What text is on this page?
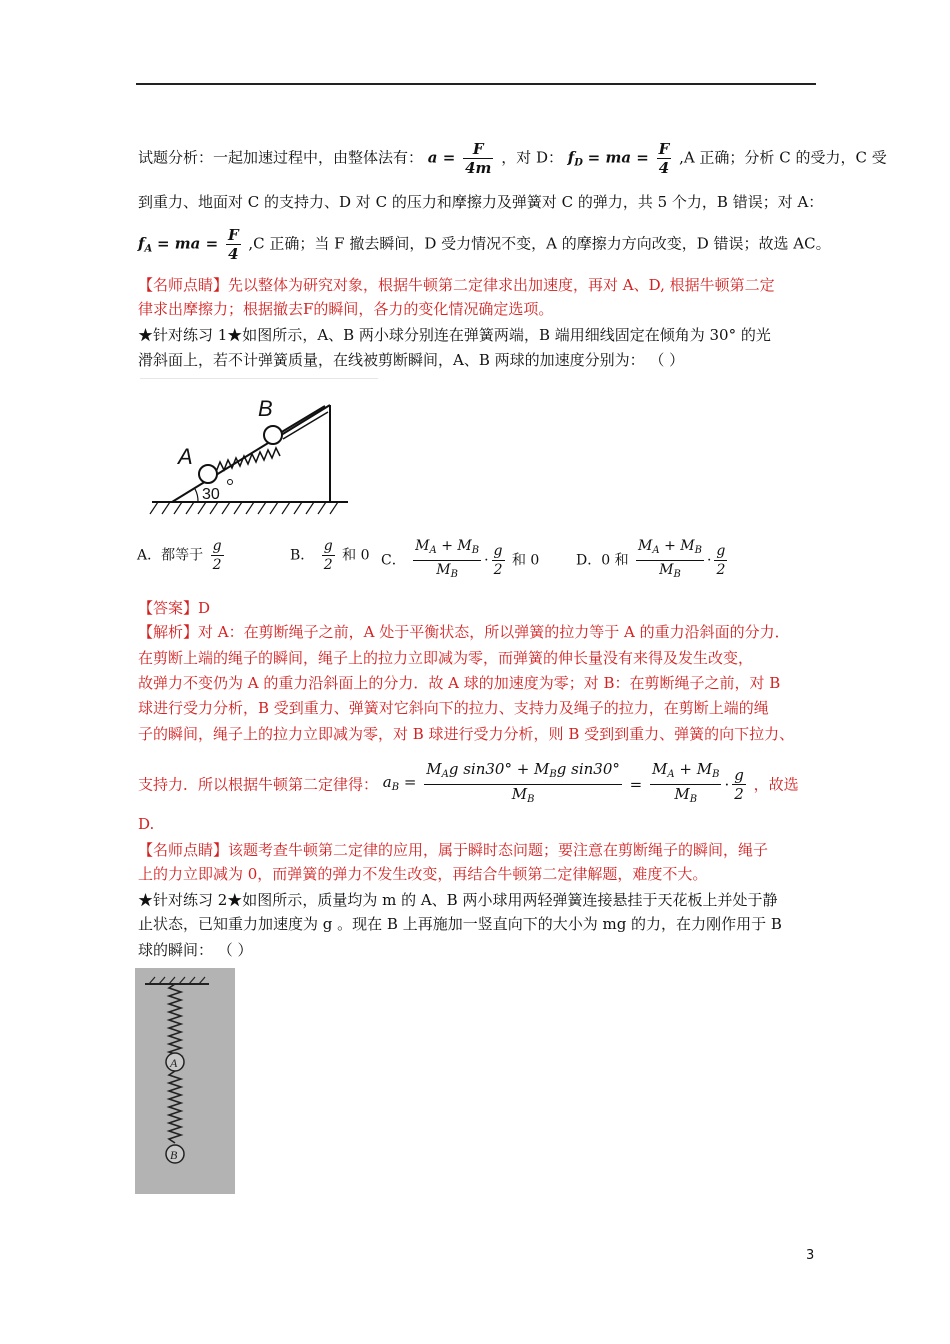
试题分析：一起加速过程中，由整体法有： $a = \frac{F}{4m}$ ，对 D： $f_D$ = ma = $\frac{F}{4} ,A$ 正确；分析 C 的受力，C 受
到重力、地面对 C 的支持力、D 对 C 的压力和摩擦力及弹簧对 C 的弹力，共 5 个力，B 错误；对 A：
$f_A$ = ma = $\frac{F}{4} ,C$ 正确；当 F 撤去瞬间，D 受力情况不变，A 的摩擦力方向改变，D 错误；故选 AC。
【名师点睛】先以整体为研究对象，根据牛顿第二定律求出加速度，再对 A、D, 根据牛顿第二定
律求出摩擦力；根据撤去F的瞬间，各力的变化情况确定选项。
★针对练习 1★如图所示，A、B 两小球分别连在弹簧两端，B 端用细线固定在倾角为 30° 的光
滑斜面上，若不计弹簧质量，在线被剪断瞬间，A、B 两球的加速度分别为： （ ）
A
B
30
A．都等于 $\frac{g}{2}$	B． $\frac{g}{2}$ 和 0 C． $\frac{M_A + M_B}{M_B} \cdot \frac{g}{2}$ 和 0	D．0 和 $\frac{M_A + M_B}{M_B} \cdot \frac{g}{2}$
【答案】D
【解析】对 A：在剪断绳子之前，A 处于平衡状态，所以弹簧的拉力等于 A 的重力沿斜面的分力．
在剪断上端的绳子的瞬间，绳子上的拉力立即减为零，而弹簧的伸长量没有来得及发生改变，
故弹力不变仍为 A 的重力沿斜面上的分力．故 A 球的加速度为零；对 B：在剪断绳子之前，对 B
球进行受力分析，B 受到重力、弹簧对它斜向下的拉力、支持力及绳子的拉力，在剪断上端的绳
子的瞬间，绳子上的拉力立即减为零，对 B 球进行受力分析，则 B 受到到重力、弹簧的向下拉力、
支持力．所以根据牛顿第二定律得： $a_B = \frac{M_Ag \sin 30^\circ + M_Bg \sin 30^\circ}{M_B} = \frac{M_A + M_B}{M_B} \cdot \frac{g}{2}$ ，故选
D.
【名师点睛】该题考查牛顿第二定律的应用，属于瞬时态问题；要注意在剪断绳子的瞬间，绳子
上的力立即减为 0，而弹簧的弹力不发生改变，再结合牛顿第二定律解题，难度不大。
★针对练习 2★如图所示，质量均为 m 的 A、B 两小球用两轻弹簧连接悬挂于天花板上并处于静
止状态，已知重力加速度为 g 。现在 B 上再施加一竖直向下的大小为 mg 的力，在力刚作用于 B
球的瞬间： （ ）
A
B
3
